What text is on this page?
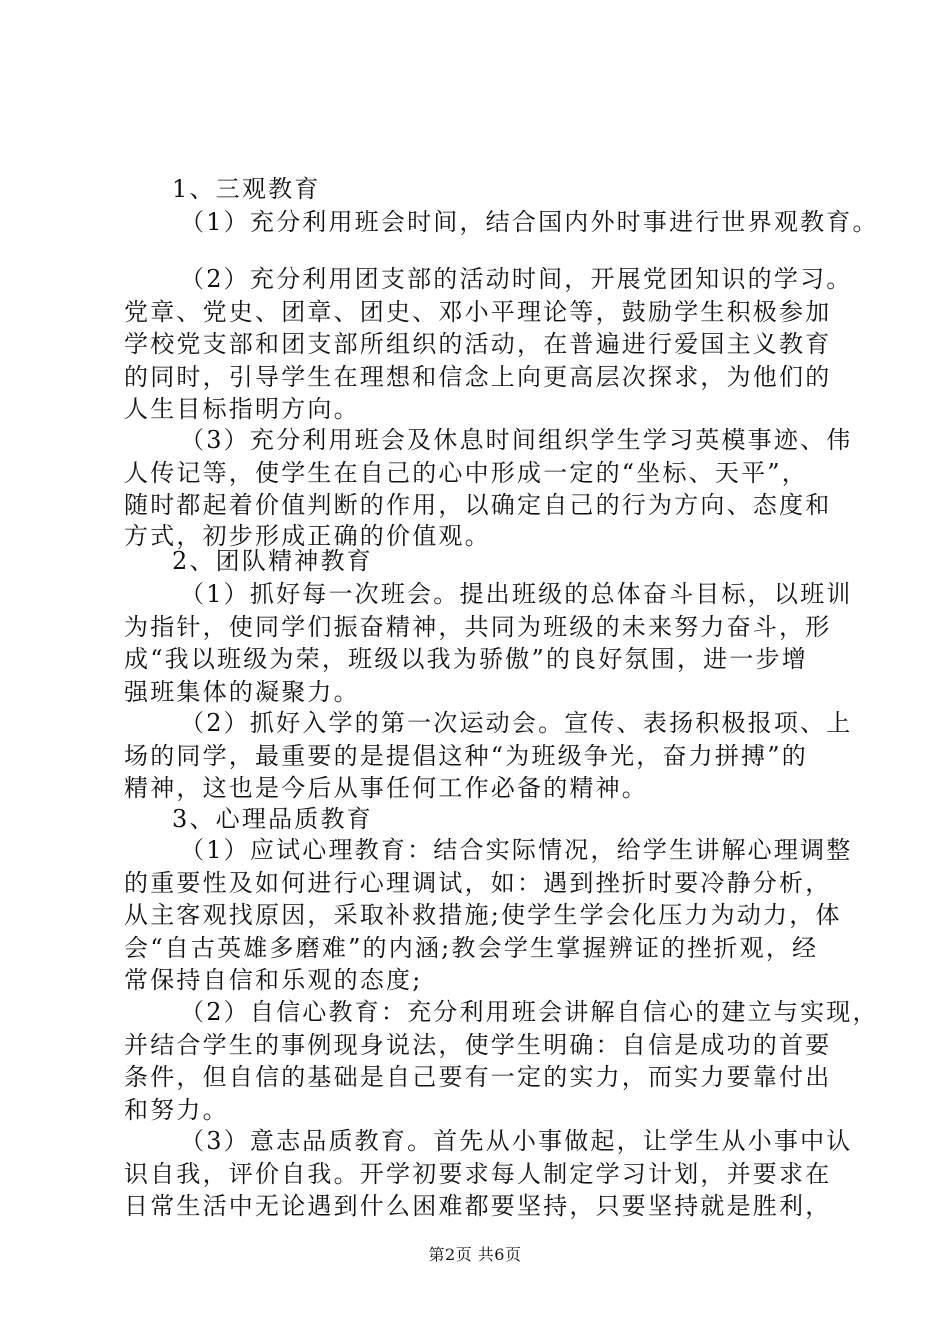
1、三观教育
（1）充分利用班会时间，结合国内外时事进行世界观教育。
（2）充分利用团支部的活动时间，开展党团知识的学习。
党章、党史、团章、团史、邓小平理论等，鼓励学生积极参加
学校党支部和团支部所组织的活动，在普遍进行爱国主义教育
的同时，引导学生在理想和信念上向更高层次探求，为他们的
人生目标指明方向。
（3）充分利用班会及休息时间组织学生学习英模事迹、伟
人传记等，使学生在自己的心中形成一定的“坐标、天平”，
随时都起着价值判断的作用，以确定自己的行为方向、态度和
方式，初步形成正确的价值观。
2、团队精神教育
（1）抓好每一次班会。提出班级的总体奋斗目标，以班训
为指针，使同学们振奋精神，共同为班级的未来努力奋斗，形
成“我以班级为荣，班级以我为骄傲”的良好氛围，进一步增
强班集体的凝聚力。
（2）抓好入学的第一次运动会。宣传、表扬积极报项、上
场的同学，最重要的是提倡这种“为班级争光，奋力拼搏”的
精神，这也是今后从事任何工作必备的精神。
3、心理品质教育
（1）应试心理教育：结合实际情况，给学生讲解心理调整
的重要性及如何进行心理调试，如：遇到挫折时要冷静分析，
从主客观找原因，采取补救措施;使学生学会化压力为动力，体
会“自古英雄多磨难”的内涵;教会学生掌握辨证的挫折观，经
常保持自信和乐观的态度;
（2）自信心教育：充分利用班会讲解自信心的建立与实现，
并结合学生的事例现身说法，使学生明确：自信是成功的首要
条件，但自信的基础是自己要有一定的实力，而实力要靠付出
和努力。
（3）意志品质教育。首先从小事做起，让学生从小事中认
识自我，评价自我。开学初要求每人制定学习计划，并要求在
日常生活中无论遇到什么困难都要坚持，只要坚持就是胜利，
第2页 共6页
